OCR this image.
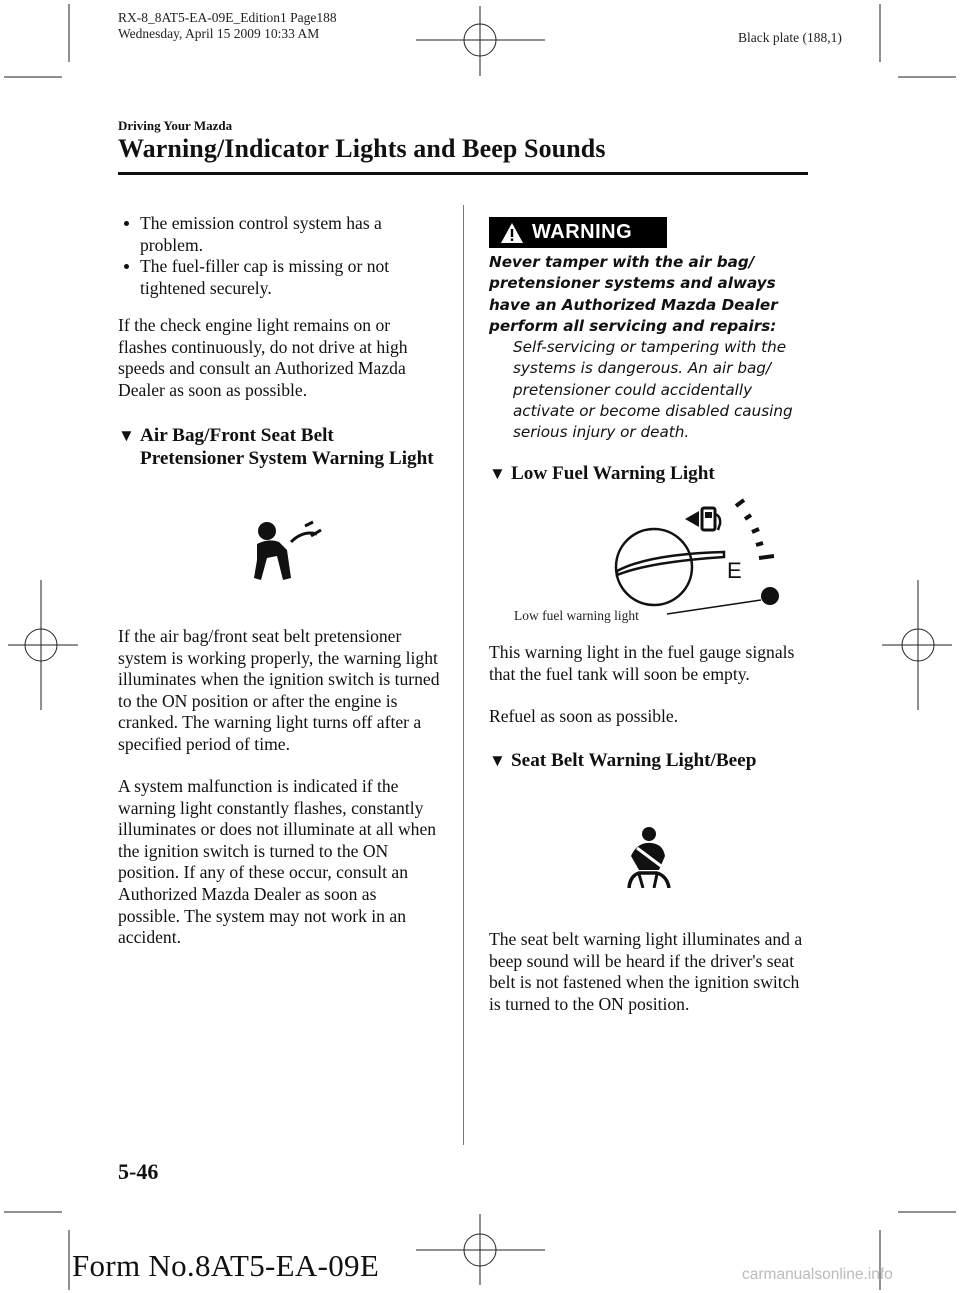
RX-8_8AT5-EA-09E_Edition1 Page188
Wednesday, April 15 2009 10:33 AM	Black plate (188,1)
Driving Your Mazda
Warning/Indicator Lights and Beep Sounds
The emission control system has a problem.
The fuel-filler cap is missing or not tightened securely.
If the check engine light remains on or flashes continuously, do not drive at high speeds and consult an Authorized Mazda Dealer as soon as possible.
▼ Air Bag/Front Seat Belt
Pretensioner System Warning Light
If the air bag/front seat belt pretensioner system is working properly, the warning light illuminates when the ignition switch is turned to the ON position or after the engine is cranked. The warning light turns off after a specified period of time.
A system malfunction is indicated if the warning light constantly flashes, constantly illuminates or does not illuminate at all when the ignition switch is turned to the ON position. If any of these occur, consult an Authorized Mazda Dealer as soon as possible. The system may not work in an accident.
WARNING
Never tamper with the air bag/ pretensioner systems and always have an Authorized Mazda Dealer perform all servicing and repairs:
Self-servicing or tampering with the systems is dangerous. An air bag/ pretensioner could accidentally activate or become disabled causing serious injury or death.
▼ Low Fuel Warning Light
E
Low fuel warning light
This warning light in the fuel gauge signals that the fuel tank will soon be empty.
Refuel as soon as possible.
▼ Seat Belt Warning Light/Beep
The seat belt warning light illuminates and a beep sound will be heard if the driver's seat belt is not fastened when the ignition switch is turned to the ON position.
5-46
Form No.8AT5-EA-09E	carmanualsonline.info
